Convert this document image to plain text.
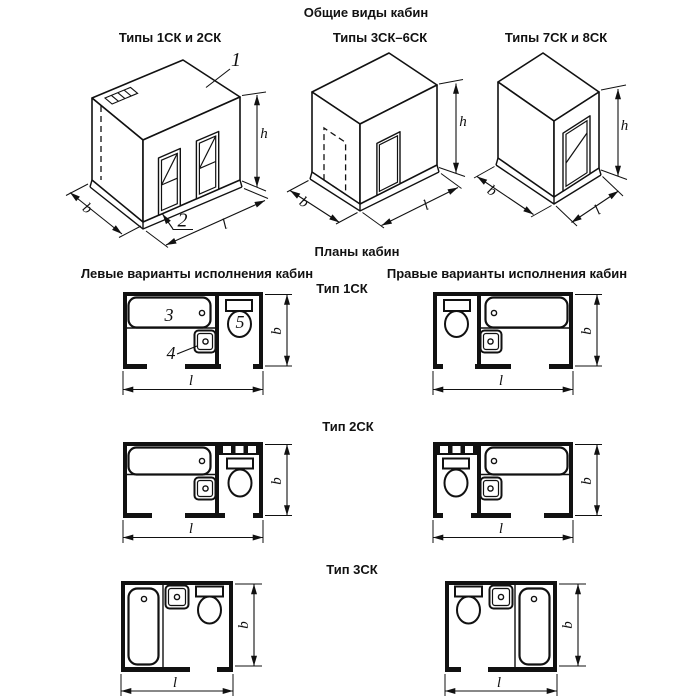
Общие виды кабин
Типы 1СК и 2СК	Типы 3СК–6СК	Типы 7СК и 8СК
Планы кабин
Левые варианты исполнения кабин	Правые варианты исполнения кабин
Тип 1СК
Тип 2СК
Тип 3СК
h
b
l
1
2
h
b	l
h
b
l
3
4
5 b
l
b
l
b
l
b
l
b
l
b
l
